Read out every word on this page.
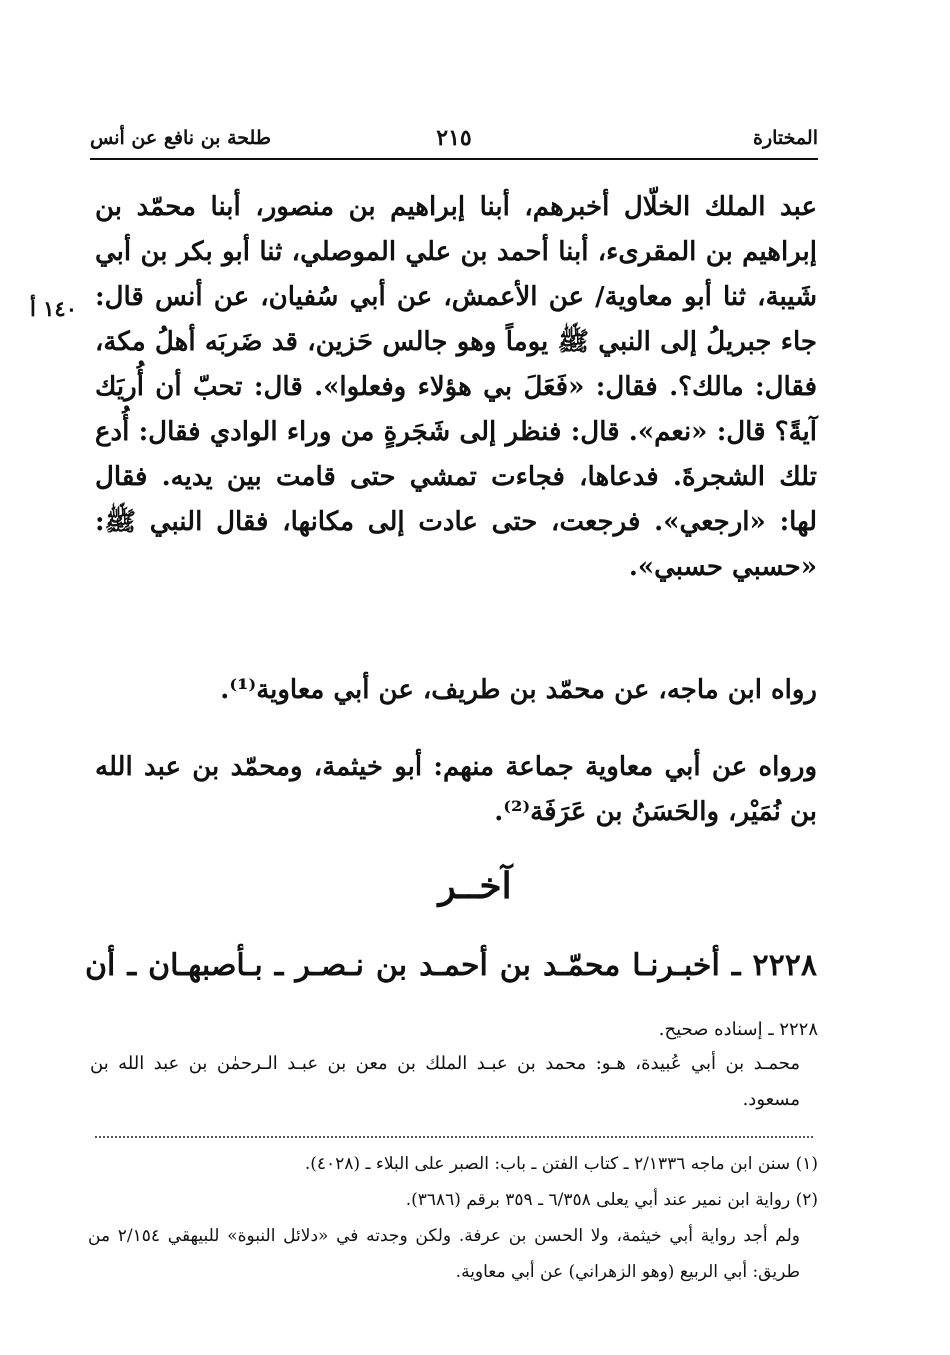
المختارة
٢١٥
طلحة بن نافع عن أنس
١٤٠ أ

عبد الملك الخلّال أخبرهم، أبنا إبراهيم بن منصور، أبنا محمّد بن إبراهيم بن المقرىء، أبنا أحمد بن علي الموصلي، ثنا أبو بكر بن أبي شَيبة، ثنا أبو معاوية/ عن الأعمش، عن أبي سُفيان، عن أنس قال: جاء جبريلُ إلى النبي ﷺ يوماً وهو جالس حَزين، قد ضَربَه أهلُ مكة، فقال: مالك؟. فقال: «فَعَلَ بي هؤلاء وفعلوا». قال: تحبّ أن أُريَك آيةً؟ قال: «نعم». قال: فنظر إلى شَجَرةٍ من وراء الوادي فقال: أُدع تلك الشجرةَ. فدعاها، فجاءت تمشي حتى قامت بين يديه. فقال لها: «ارجعي». فرجعت، حتى عادت إلى مكانها، فقال النبي ﷺ: «حسبي حسبي».

رواه ابن ماجه، عن محمّد بن طريف، عن أبي معاوية⁽¹⁾.

ورواه عن أبي معاوية جماعة منهم: أبو خيثمة، ومحمّد بن عبد الله بن نُمَيْر، والحَسَنُ بن عَرَفَة⁽²⁾.

آخــر
٢٢٢٨ ـ أخبـرنـا محمّـد بن أحمـد بن نـصـر ـ بـأصبهـان ـ أن

٢٢٢٨ ـ إسناده صحيح.

محمـد بن أبي عُبيدة، هـو: محمد بن عبـد الملك بن معن بن عبـد الـرحمٰن بن عبد الله بن مسعود.

(١) سنن ابن ماجه ٢/١٣٣٦ ـ كتاب الفتن ـ باب: الصبر على البلاء ـ (٤٠٢٨).

(٢) رواية ابن نمير عند أبي يعلى ٦/٣٥٨ ـ ٣٥٩ برقم (٣٦٨٦).

ولم أجد رواية أبي خيثمة، ولا الحسن بن عرفة. ولكن وجدته في «دلائل النبوة» للبيهقي ٢/١٥٤ من طريق: أبي الربيع (وهو الزهراني) عن أبي معاوية.
